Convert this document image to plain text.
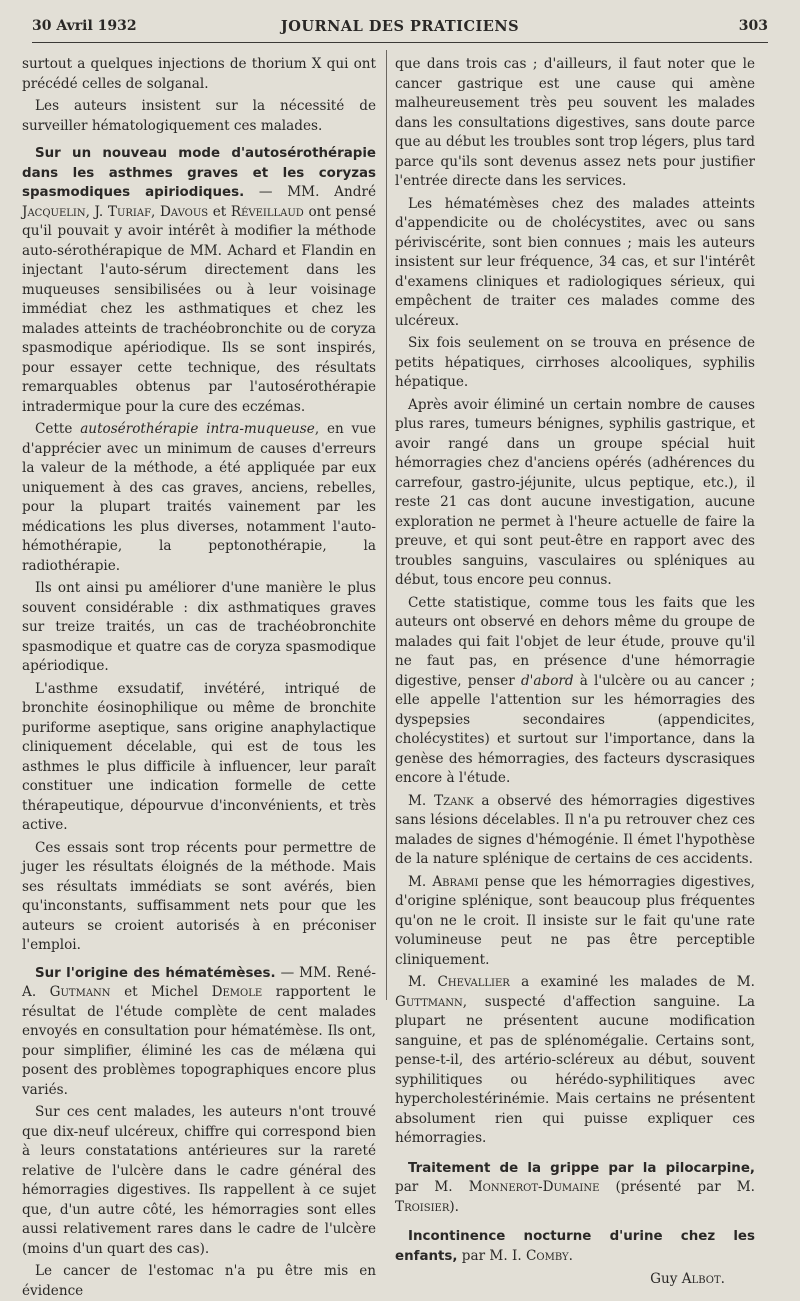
30 Avril 1932	JOURNAL DES PRATICIENS	303

surtout a quelques injections de thorium X qui ont précédé celles de solganal.

Les auteurs insistent sur la nécessité de surveiller hématologiquement ces malades.

Sur un nouveau mode d'autosérothérapie dans les asthmes graves et les coryzas spasmodiques apiriodiques. — MM. André Jacquelin, J. Turiaf, Davous et Réveillaud ont pensé qu'il pouvait y avoir intérêt à modifier la méthode auto-sérothérapique de MM. Achard et Flandin en injectant l'auto-sérum directement dans les muqueuses sensibilisées ou à leur voisinage immédiat chez les asthmatiques et chez les malades atteints de trachéobronchite ou de coryza spasmodique apériodique. Ils se sont inspirés, pour essayer cette technique, des résultats remarquables obtenus par l'autosérothérapie intradermique pour la cure des eczémas.

Cette autosérothérapie intra-muqueuse, en vue d'apprécier avec un minimum de causes d'erreurs la valeur de la méthode, a été appliquée par eux uniquement à des cas graves, anciens, rebelles, pour la plupart traités vainement par les médications les plus diverses, notamment l'auto-hémothérapie, la peptonothérapie, la radiothérapie.

Ils ont ainsi pu améliorer d'une manière le plus souvent considérable : dix asthmatiques graves sur treize traités, un cas de trachéobronchite spasmodique et quatre cas de coryza spasmodique apériodique.

L'asthme exsudatif, invétéré, intriqué de bronchite éosinophilique ou même de bronchite puriforme aseptique, sans origine anaphylactique cliniquement décelable, qui est de tous les asthmes le plus difficile à influencer, leur paraît constituer une indication formelle de cette thérapeutique, dépourvue d'inconvénients, et très active.

Ces essais sont trop récents pour permettre de juger les résultats éloignés de la méthode. Mais ses résultats immédiats se sont avérés, bien qu'inconstants, suffisamment nets pour que les auteurs se croient autorisés à en préconiser l'emploi.

Sur l'origine des hématémèses. — MM. René-A. Gutmann et Michel Demole rapportent le résultat de l'étude complète de cent malades envoyés en consultation pour hématémèse. Ils ont, pour simplifier, éliminé les cas de mélæna qui posent des problèmes topographiques encore plus variés.

Sur ces cent malades, les auteurs n'ont trouvé que dix-neuf ulcéreux, chiffre qui correspond bien à leurs constatations antérieures sur la rareté relative de l'ulcère dans le cadre général des hémorragies digestives. Ils rappellent à ce sujet que, d'un autre côté, les hémorragies sont elles aussi relativement rares dans le cadre de l'ulcère (moins d'un quart des cas).

Le cancer de l'estomac n'a pu être mis en évidence

que dans trois cas ; d'ailleurs, il faut noter que le cancer gastrique est une cause qui amène malheureusement très peu souvent les malades dans les consultations digestives, sans doute parce que au début les troubles sont trop légers, plus tard parce qu'ils sont devenus assez nets pour justifier l'entrée directe dans les services.

Les hématémèses chez des malades atteints d'appendicite ou de cholécystites, avec ou sans périviscérite, sont bien connues ; mais les auteurs insistent sur leur fréquence, 34 cas, et sur l'intérêt d'examens cliniques et radiologiques sérieux, qui empêchent de traiter ces malades comme des ulcéreux.

Six fois seulement on se trouva en présence de petits hépatiques, cirrhoses alcooliques, syphilis hépatique.

Après avoir éliminé un certain nombre de causes plus rares, tumeurs bénignes, syphilis gastrique, et avoir rangé dans un groupe spécial huit hémorragies chez d'anciens opérés (adhérences du carrefour, gastro-jéjunite, ulcus peptique, etc.), il reste 21 cas dont aucune investigation, aucune exploration ne permet à l'heure actuelle de faire la preuve, et qui sont peut-être en rapport avec des troubles sanguins, vasculaires ou spléniques au début, tous encore peu connus.

Cette statistique, comme tous les faits que les auteurs ont observé en dehors même du groupe de malades qui fait l'objet de leur étude, prouve qu'il ne faut pas, en présence d'une hémorragie digestive, penser d'abord à l'ulcère ou au cancer ; elle appelle l'attention sur les hémorragies des dyspepsies secondaires (appendicites, cholécystites) et surtout sur l'importance, dans la genèse des hémorragies, des facteurs dyscrasiques encore à l'étude.

M. Tzank a observé des hémorragies digestives sans lésions décelables. Il n'a pu retrouver chez ces malades de signes d'hémogénie. Il émet l'hypothèse de la nature splénique de certains de ces accidents.

M. Abrami pense que les hémorragies digestives, d'origine splénique, sont beaucoup plus fréquentes qu'on ne le croit. Il insiste sur le fait qu'une rate volumineuse peut ne pas être perceptible cliniquement.

M. Chevallier a examiné les malades de M. Guttmann, suspecté d'affection sanguine. La plupart ne présentent aucune modification sanguine, et pas de splénomégalie. Certains sont, pense-t-il, des artério-scléreux au début, souvent syphilitiques ou hérédo-syphilitiques avec hypercholestérinémie. Mais certains ne présentent absolument rien qui puisse expliquer ces hémorragies.

Traitement de la grippe par la pilocarpine, par M. Monnerot-Dumaine (présenté par M. Troisier).

Incontinence nocturne d'urine chez les enfants, par M. I. Comby.

Guy Albot.
